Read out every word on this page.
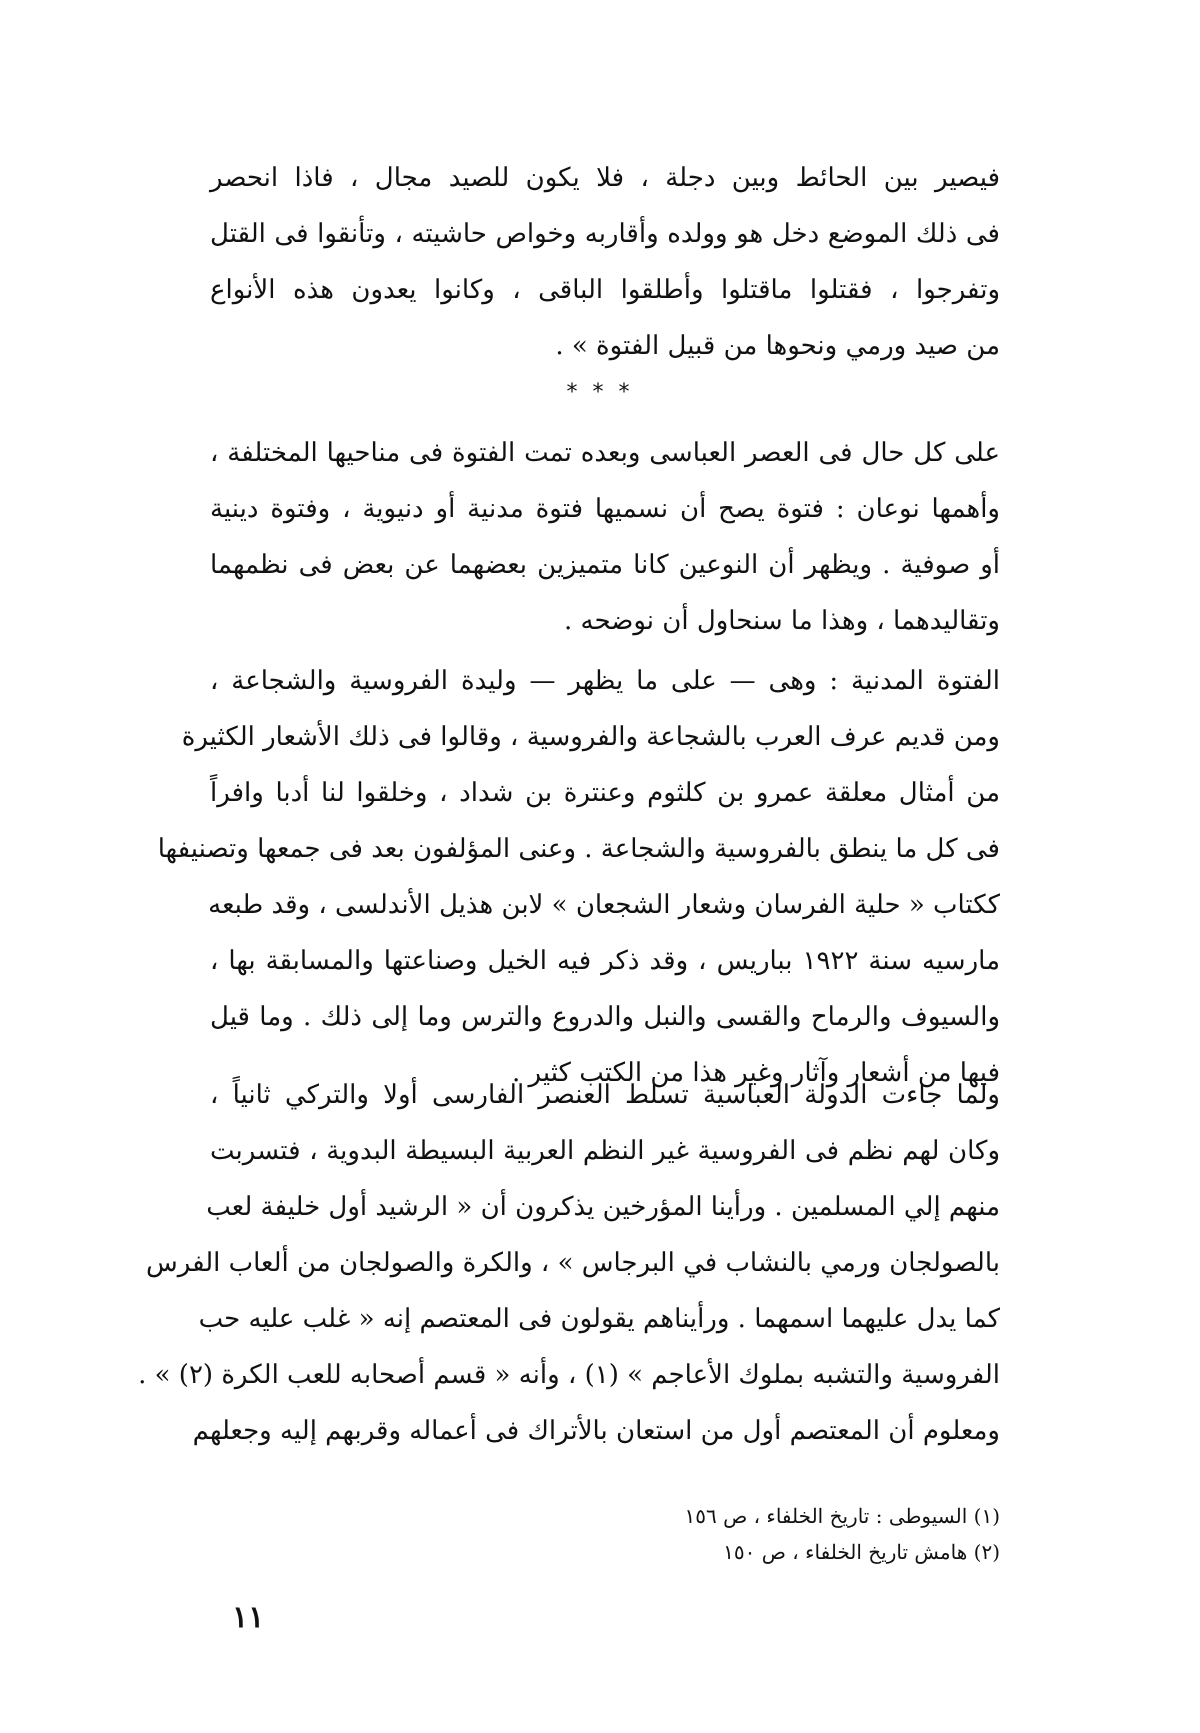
فيصير بين الحائط وبين دجلة ، فلا يكون للصيد مجال ، فاذا انحصر
فى ذلك الموضع دخل هو وولده وأقاربه وخواص حاشيته ، وتأنقوا فى القتل
وتفرجوا ، فقتلوا ماقتلوا وأطلقوا الباقى ، وكانوا يعدون هذه الأنواع
من صيد ورمي ونحوها من قبيل الفتوة » .
* * *
على كل حال فى العصر العباسى وبعده تمت الفتوة فى مناحيها المختلفة ،
وأهمها نوعان : فتوة يصح أن نسميها فتوة مدنية أو دنيوية ، وفتوة دينية
أو صوفية . ويظهر أن النوعين كانا متميزين بعضهما عن بعض فى نظمهما
وتقاليدهما ، وهذا ما سنحاول أن نوضحه .
الفتوة المدنية : وهى — على ما يظهر — وليدة الفروسية والشجاعة ،
ومن قديم عرف العرب بالشجاعة والفروسية ، وقالوا فى ذلك الأشعار الكثيرة
من أمثال معلقة عمرو بن كلثوم وعنترة بن شداد ، وخلقوا لنا أدبا وافراً
فى كل ما ينطق بالفروسية والشجاعة . وعنى المؤلفون بعد فى جمعها وتصنيفها
ككتاب « حلية الفرسان وشعار الشجعان » لابن هذيل الأندلسى ، وقد طبعه
مارسيه سنة ١٩٢٢ بباريس ، وقد ذكر فيه الخيل وصناعتها والمسابقة بها ،
والسيوف والرماح والقسى والنبل والدروع والترس وما إلى ذلك . وما قيل
فيها من أشعار وآثار وغير هذا من الكتب كثير .
ولما جاءت الدولة العباسية تسلط العنصر الفارسى أولا والتركي ثانياً ،
وكان لهم نظم فى الفروسية غير النظم العربية البسيطة البدوية ، فتسربت
منهم إلي المسلمين . ورأينا المؤرخين يذكرون أن « الرشيد أول خليفة لعب
بالصولجان ورمي بالنشاب في البرجاس » ، والكرة والصولجان من ألعاب الفرس
كما يدل عليهما اسمهما . ورأيناهم يقولون فى المعتصم إنه « غلب عليه حب
الفروسية والتشبه بملوك الأعاجم » (١) ، وأنه « قسم أصحابه للعب الكرة (٢) » .
ومعلوم أن المعتصم أول من استعان بالأتراك فى أعماله وقربهم إليه وجعلهم
(١) السيوطى : تاريخ الخلفاء ، ص ١٥٦
(٢) هامش تاريخ الخلفاء ، ص ١٥٠
١١
